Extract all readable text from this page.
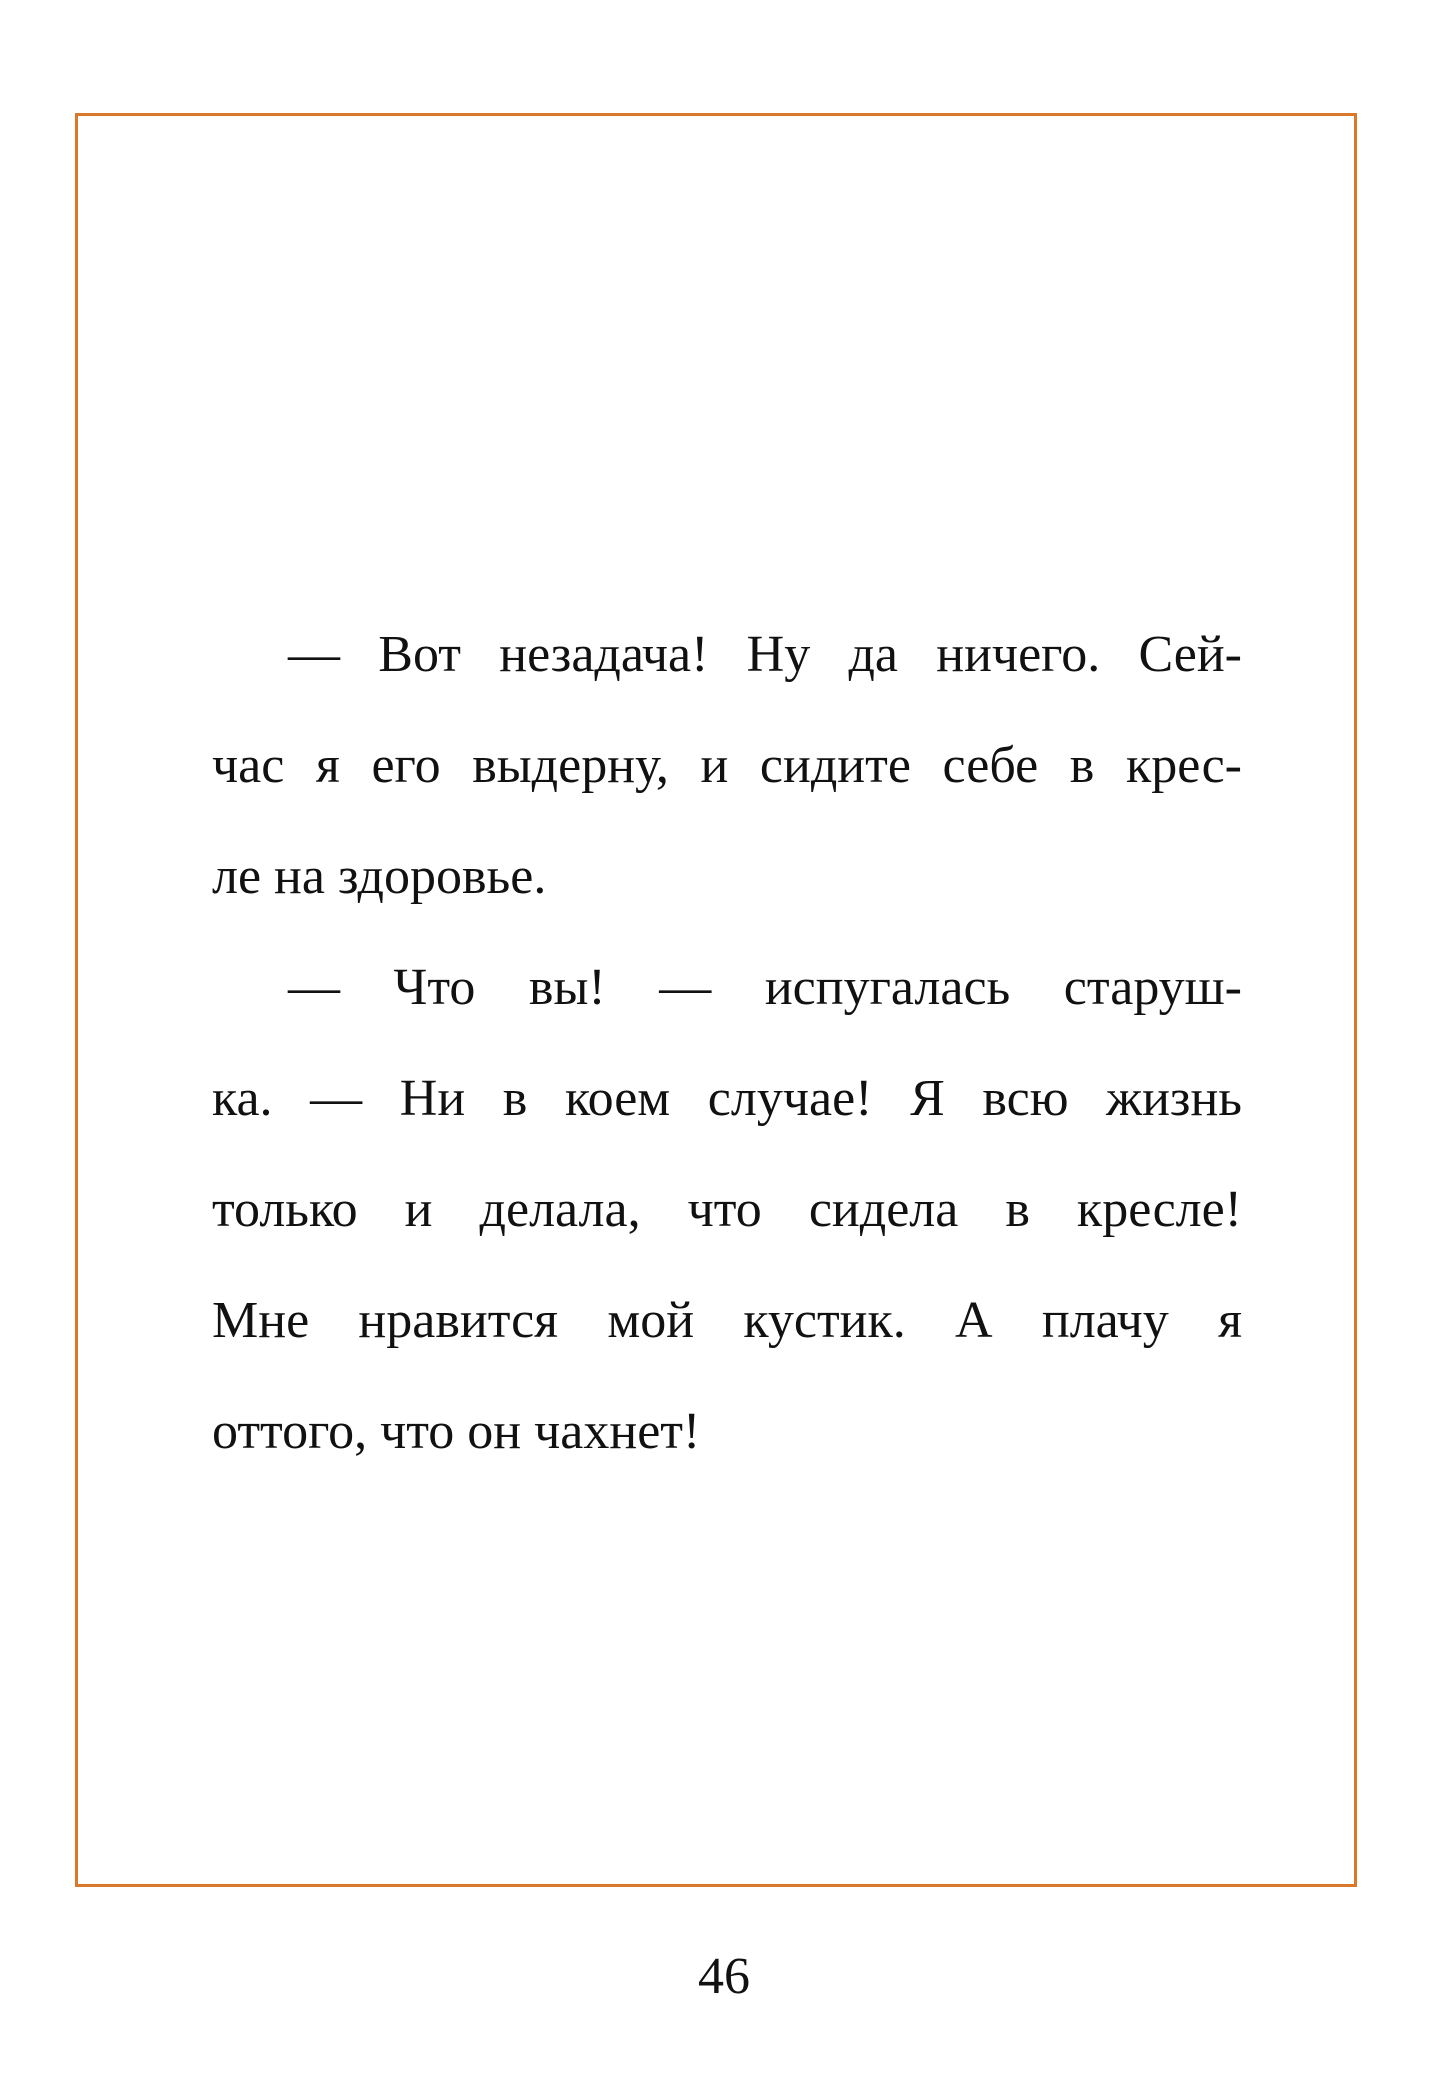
— Вот незадача! Ну да ничего. Сей-
час я его выдерну, и сидите себе в крес-
ле на здоровье.
— Что вы! — испугалась старуш-
ка. — Ни в коем случае! Я всю жизнь
только и делала, что сидела в кресле!
Мне нравится мой кустик. А плачу я
оттого, что он чахнет!
46
